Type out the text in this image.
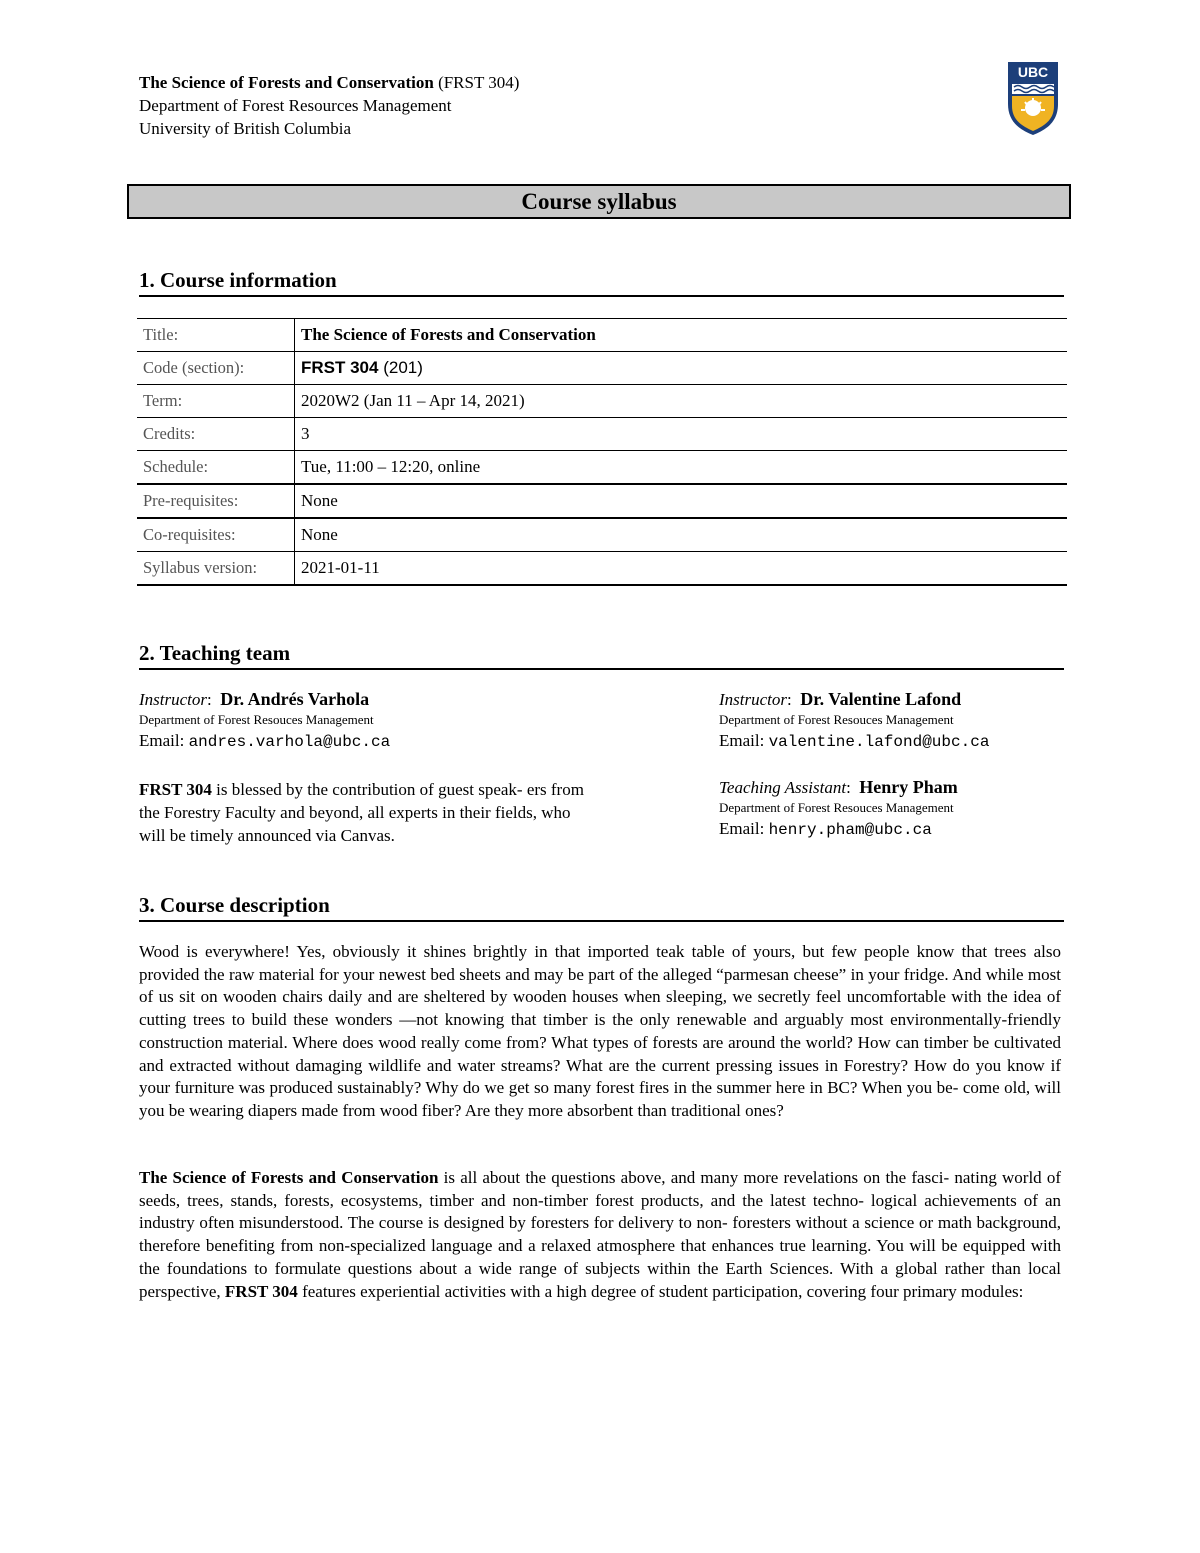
The Science of Forests and Conservation (FRST 304)
Department of Forest Resources Management
University of British Columbia
UBC
Course syllabus
1. Course information
Title:	The Science of Forests and Conservation
Code (section):	FRST 304 (201)
Term:	2020W2 (Jan 11 – Apr 14, 2021)
Credits:	3
Schedule:	Tue, 11:00 – 12:20, online
Pre-requisites:	None
Co-requisites:	None
Syllabus version:	2021-01-11
2. Teaching team
Instructor:  Dr. Andrés Varhola
Department of Forest Resouces Management
Email: andres.varhola@ubc.ca
Instructor:  Dr. Valentine Lafond
Department of Forest Resouces Management
Email: valentine.lafond@ubc.ca
FRST 304 is blessed by the contribution of guest speak- ers from the Forestry Faculty and beyond, all experts in their fields, who will be timely announced via Canvas.
Teaching Assistant:  Henry Pham
Department of Forest Resouces Management
Email: henry.pham@ubc.ca
3. Course description
Wood is everywhere! Yes, obviously it shines brightly in that imported teak table of yours, but few people know that trees also provided the raw material for your newest bed sheets and may be part of the alleged “parmesan cheese” in your fridge. And while most of us sit on wooden chairs daily and are sheltered by wooden houses when sleeping, we secretly feel uncomfortable with the idea of cutting trees to build these wonders —not knowing that timber is the only renewable and arguably most environmentally-friendly construction material. Where does wood really come from? What types of forests are around the world? How can timber be cultivated and extracted without damaging wildlife and water streams? What are the current pressing issues in Forestry? How do you know if your furniture was produced sustainably? Why do we get so many forest fires in the summer here in BC? When you be- come old, will you be wearing diapers made from wood fiber? Are they more absorbent than traditional ones?
The Science of Forests and Conservation is all about the questions above, and many more revelations on the fasci- nating world of seeds, trees, stands, forests, ecosystems, timber and non-timber forest products, and the latest techno- logical achievements of an industry often misunderstood. The course is designed by foresters for delivery to non- foresters without a science or math background, therefore benefiting from non-specialized language and a relaxed atmosphere that enhances true learning. You will be equipped with the foundations to formulate questions about a wide range of subjects within the Earth Sciences. With a global rather than local perspective, FRST 304 features experiential activities with a high degree of student participation, covering four primary modules:
